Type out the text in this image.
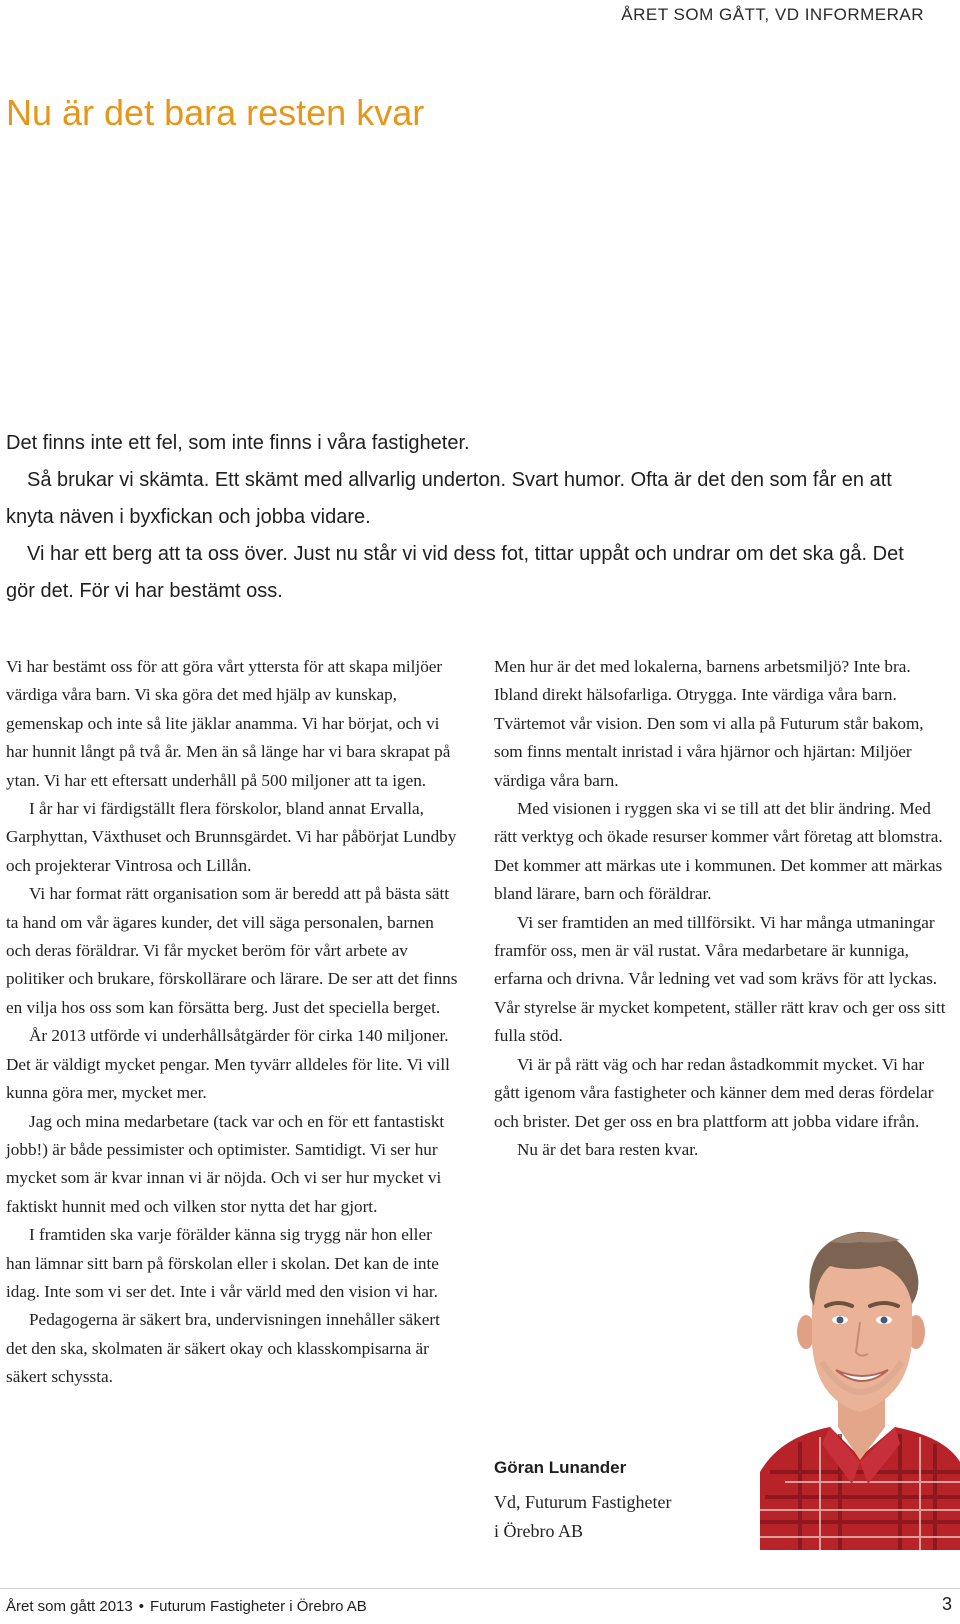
ÅRET SOM GÅTT, VD INFORMERAR
Nu är det bara resten kvar

Det finns inte ett fel, som inte finns i våra fastigheter.

Så brukar vi skämta. Ett skämt med allvarlig underton. Svart humor. Ofta är det den som får en att knyta näven i byxfickan och jobba vidare.

Vi har ett berg att ta oss över. Just nu står vi vid dess fot, tittar uppåt och undrar om det ska gå. Det gör det. För vi har bestämt oss.

Vi har bestämt oss för att göra vårt yttersta för att skapa miljöer värdiga våra barn. Vi ska göra det med hjälp av kunskap, gemenskap och inte så lite jäklar anamma. Vi har börjat, och vi har hunnit långt på två år. Men än så länge har vi bara skrapat på ytan. Vi har ett eftersatt underhåll på 500 miljoner att ta igen.

I år har vi färdigställt flera förskolor, bland annat Ervalla, Garphyttan, Växthuset och Brunnsgärdet. Vi har påbörjat Lundby och projekterar Vintrosa och Lillån.

Vi har format rätt organisation som är beredd att på bästa sätt ta hand om vår ägares kunder, det vill säga personalen, barnen och deras föräldrar. Vi får mycket beröm för vårt arbete av politiker och brukare, förskollärare och lärare. De ser att det finns en vilja hos oss som kan försätta berg. Just det speciella berget.

År 2013 utförde vi underhållsåtgärder för cirka 140 miljoner. Det är väldigt mycket pengar. Men tyvärr alldeles för lite. Vi vill kunna göra mer, mycket mer.

Jag och mina medarbetare (tack var och en för ett fantastiskt jobb!) är både pessimister och optimister. Samtidigt. Vi ser hur mycket som är kvar innan vi är nöjda. Och vi ser hur mycket vi faktiskt hunnit med och vilken stor nytta det har gjort.

I framtiden ska varje förälder känna sig trygg när hon eller han lämnar sitt barn på förskolan eller i skolan. Det kan de inte idag. Inte som vi ser det. Inte i vår värld med den vision vi har.

Pedagogerna är säkert bra, undervisningen innehåller säkert det den ska, skolmaten är säkert okay och klasskompisarna är säkert schyssta.

Men hur är det med lokalerna, barnens arbetsmiljö? Inte bra. Ibland direkt hälsofarliga. Otrygga. Inte värdiga våra barn. Tvärtemot vår vision. Den som vi alla på Futurum står bakom, som finns mentalt inristad i våra hjärnor och hjärtan: Miljöer värdiga våra barn.

Med visionen i ryggen ska vi se till att det blir ändring. Med rätt verktyg och ökade resurser kommer vårt företag att blomstra. Det kommer att märkas ute i kommunen. Det kommer att märkas bland lärare, barn och föräldrar.

Vi ser framtiden an med tillförsikt. Vi har många utmaningar framför oss, men är väl rustat. Våra medarbetare är kunniga, erfarna och drivna. Vår ledning vet vad som krävs för att lyckas. Vår styrelse är mycket kompetent, ställer rätt krav och ger oss sitt fulla stöd.

Vi är på rätt väg och har redan åstadkommit mycket. Vi har gått igenom våra fastigheter och känner dem med deras fördelar och brister. Det ger oss en bra plattform att jobba vidare ifrån.

Nu är det bara resten kvar.

Göran Lunander

Vd, Futurum Fastigheter

i Örebro AB

Året som gått 2013 • Futurum Fastigheter i Örebro AB	3
